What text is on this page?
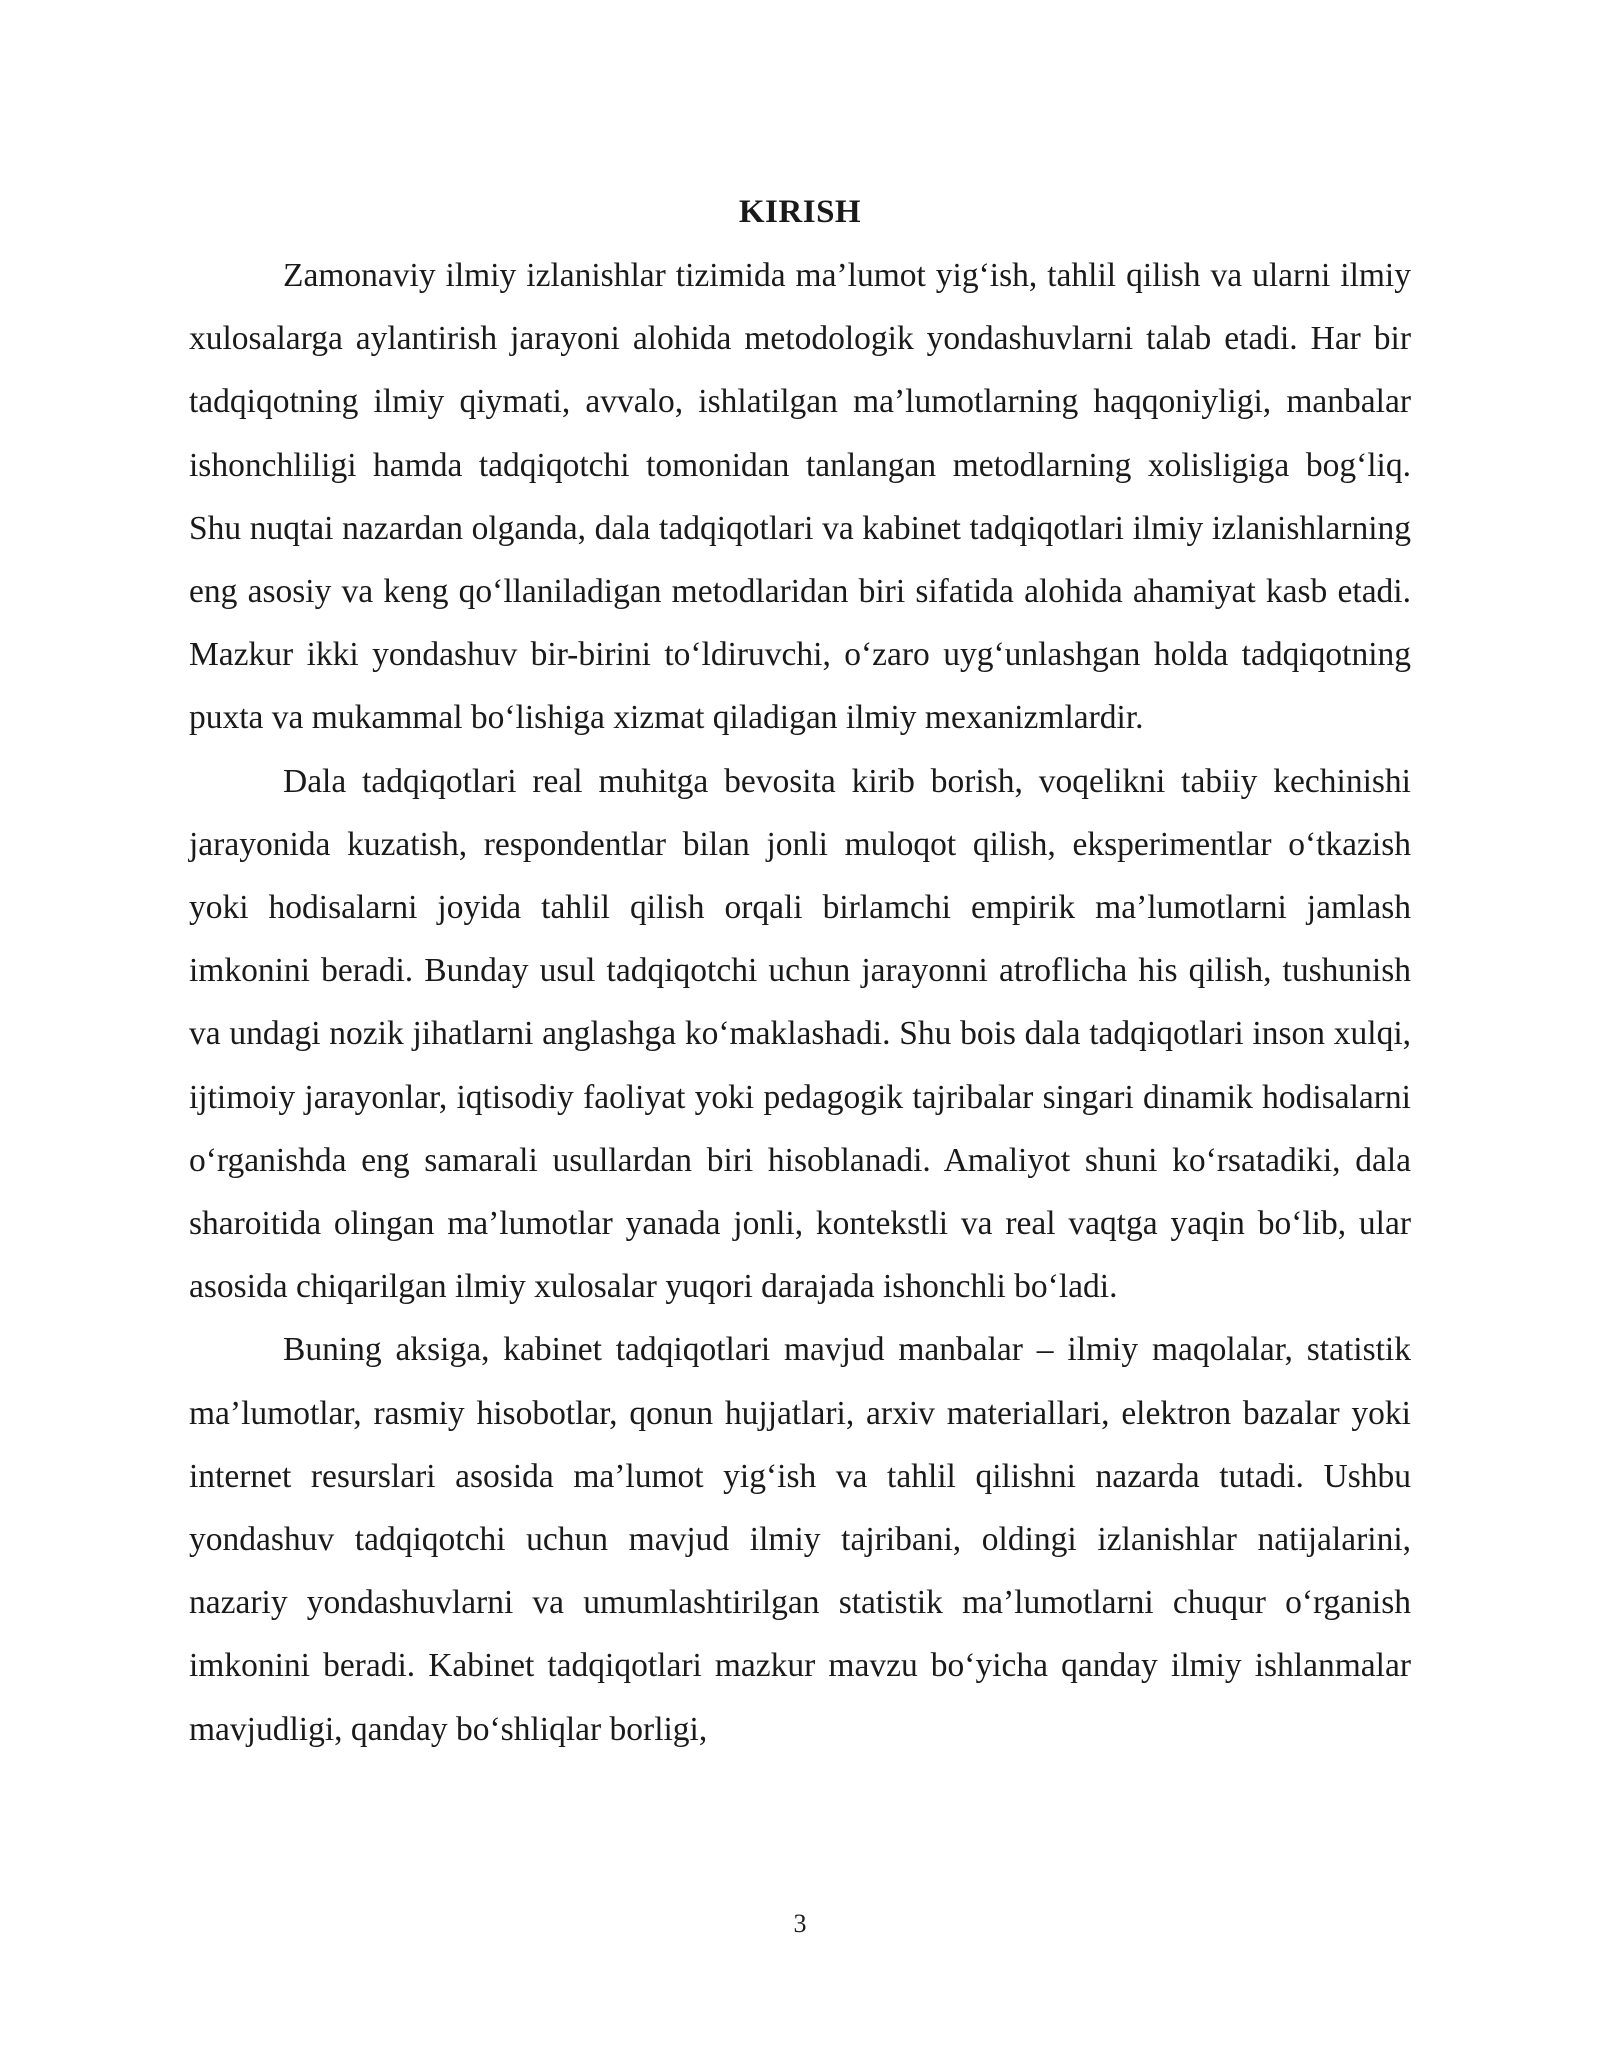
KIRISH

Zamonaviy ilmiy izlanishlar tizimida ma’lumot yig‘ish, tahlil qilish va ularni ilmiy xulosalarga aylantirish jarayoni alohida metodologik yondashuvlarni talab etadi. Har bir tadqiqotning ilmiy qiymati, avvalo, ishlatilgan ma’lumotlarning haqqoniyligi, manbalar ishonchliligi hamda tadqiqotchi tomonidan tanlangan metodlarning xolisligiga bog‘liq. Shu nuqtai nazardan olganda, dala tadqiqotlari va kabinet tadqiqotlari ilmiy izlanishlarning eng asosiy va keng qo‘llaniladigan metodlaridan biri sifatida alohida ahamiyat kasb etadi. Mazkur ikki yondashuv bir-birini to‘ldiruvchi, o‘zaro uyg‘unlashgan holda tadqiqotning puxta va mukammal bo‘lishiga xizmat qiladigan ilmiy mexanizmlardir.

Dala tadqiqotlari real muhitga bevosita kirib borish, voqelikni tabiiy kechinishi jarayonida kuzatish, respondentlar bilan jonli muloqot qilish, eksperimentlar o‘tkazish yoki hodisalarni joyida tahlil qilish orqali birlamchi empirik ma’lumotlarni jamlash imkonini beradi. Bunday usul tadqiqotchi uchun jarayonni atroflicha his qilish, tushunish va undagi nozik jihatlarni anglashga ko‘maklashadi. Shu bois dala tadqiqotlari inson xulqi, ijtimoiy jarayonlar, iqtisodiy faoliyat yoki pedagogik tajribalar singari dinamik hodisalarni o‘rganishda eng samarali usullardan biri hisoblanadi. Amaliyot shuni ko‘rsatadiki, dala sharoitida olingan ma’lumotlar yanada jonli, kontekstli va real vaqtga yaqin bo‘lib, ular asosida chiqarilgan ilmiy xulosalar yuqori darajada ishonchli bo‘ladi.

Buning aksiga, kabinet tadqiqotlari mavjud manbalar – ilmiy maqolalar, statistik ma’lumotlar, rasmiy hisobotlar, qonun hujjatlari, arxiv materiallari, elektron bazalar yoki internet resurslari asosida ma’lumot yig‘ish va tahlil qilishni nazarda tutadi. Ushbu yondashuv tadqiqotchi uchun mavjud ilmiy tajribani, oldingi izlanishlar natijalarini, nazariy yondashuvlarni va umumlashtirilgan statistik ma’lumotlarni chuqur o‘rganish imkonini beradi. Kabinet tadqiqotlari mazkur mavzu bo‘yicha qanday ilmiy ishlanmalar mavjudligi, qanday bo‘shliqlar borligi,

3
